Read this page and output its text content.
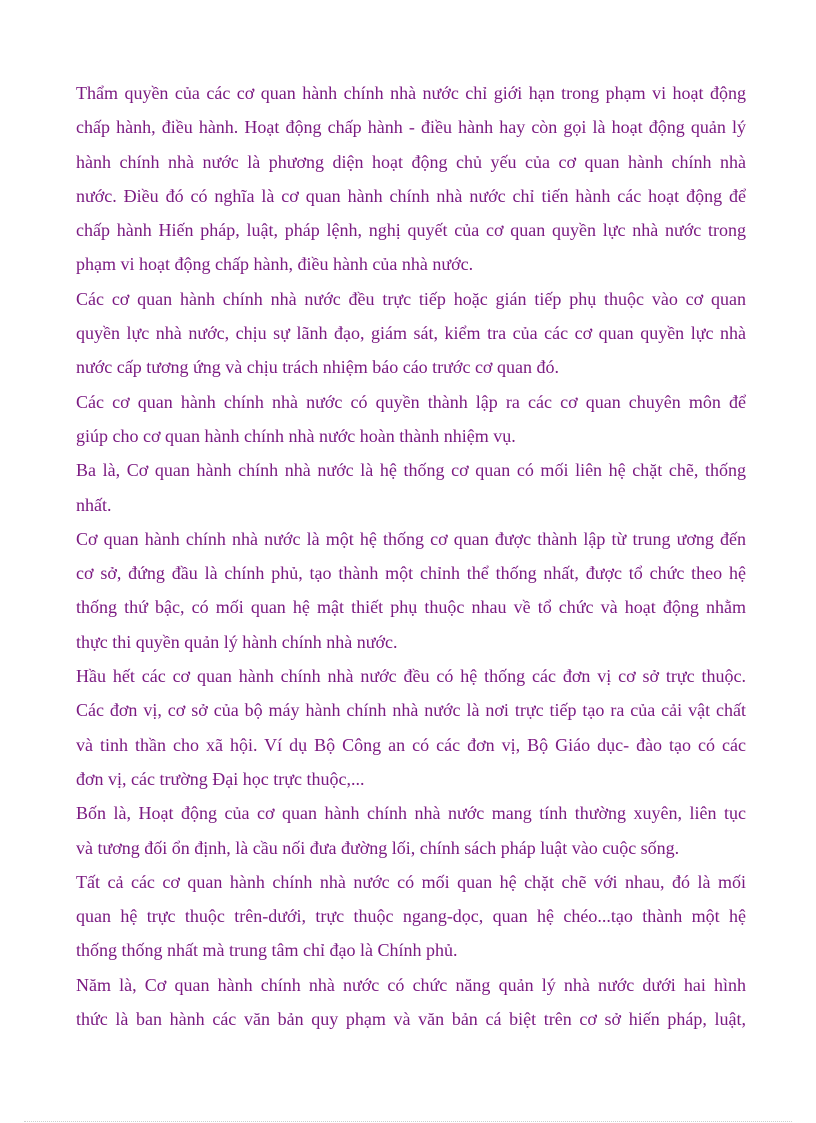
Thẩm quyền của các cơ quan hành chính nhà nước chỉ giới hạn trong phạm vi hoạt động
chấp hành, điều hành. Hoạt động chấp hành - điều hành hay còn gọi là hoạt động quản lý
hành chính nhà nước là phương diện hoạt động chủ yếu của cơ quan hành chính nhà
nước. Điều đó có nghĩa là cơ quan hành chính nhà nước chỉ tiến hành các hoạt động để
chấp hành Hiến pháp, luật, pháp lệnh, nghị quyết của cơ quan quyền lực nhà nước trong
phạm vi hoạt động chấp hành, điều hành của nhà nước.
Các cơ quan hành chính nhà nước đều trực tiếp hoặc gián tiếp phụ thuộc vào cơ quan
quyền lực nhà nước, chịu sự lãnh đạo, giám sát, kiểm tra của các cơ quan quyền lực nhà
nước cấp tương ứng và chịu trách nhiệm báo cáo trước cơ quan đó.
Các cơ quan hành chính nhà nước có quyền thành lập ra các cơ quan chuyên môn để
giúp cho cơ quan hành chính nhà nước hoàn thành nhiệm vụ.
Ba là, Cơ quan hành chính nhà nước là hệ thống cơ quan có mối liên hệ chặt chẽ, thống
nhất.
Cơ quan hành chính nhà nước là một hệ thống cơ quan được thành lập từ trung ương đến
cơ sở, đứng đầu là chính phủ, tạo thành một chỉnh thể thống nhất, được tổ chức theo hệ
thống thứ bậc, có mối quan hệ mật thiết phụ thuộc nhau về tổ chức và hoạt động nhằm
thực thi quyền quản lý hành chính nhà nước.
Hầu hết các cơ quan hành chính nhà nước đều có hệ thống các đơn vị cơ sở trực thuộc.
Các đơn vị, cơ sở của bộ máy hành chính nhà nước là nơi trực tiếp tạo ra của cải vật chất
và tinh thần cho xã hội. Ví dụ Bộ Công an có các đơn vị, Bộ Giáo dục- đào tạo có các
đơn vị, các trường Đại học trực thuộc,...
Bốn là, Hoạt động của cơ quan hành chính nhà nước mang tính thường xuyên, liên tục
và tương đối ổn định, là cầu nối đưa đường lối, chính sách pháp luật vào cuộc sống.
Tất cả các cơ quan hành chính nhà nước có mối quan hệ chặt chẽ với nhau, đó là mối
quan hệ trực thuộc trên-dưới, trực thuộc ngang-dọc, quan hệ chéo...tạo thành một hệ
thống thống nhất mà trung tâm chỉ đạo là Chính phủ.
Năm là, Cơ quan hành chính nhà nước có chức năng quản lý nhà nước dưới hai hình
thức là ban hành các văn bản quy phạm và văn bản cá biệt trên cơ sở hiến pháp, luật,
